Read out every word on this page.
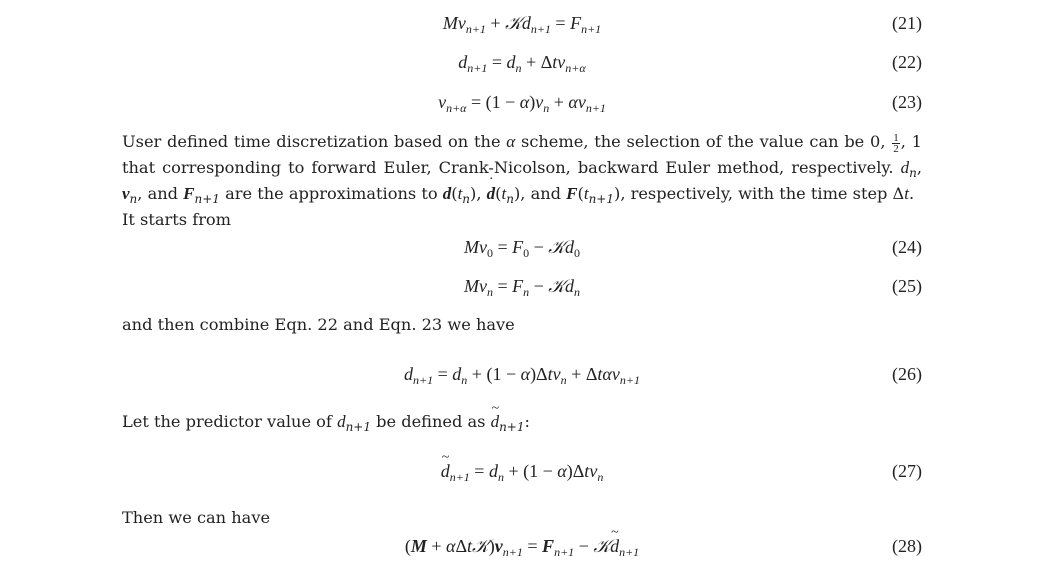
$Mv_{n+1}$ + 𝒦d$_{n+1}$ = $F_{n+1}$	(21)
$d_{n+1} = d_n + \Delta tv_{n+\alpha}$	(22)
$v_{n+\alpha} = (1 - \alpha)v_n + \alpha v_{n+1}$	(23)
User defined time discretization based on the α scheme, the selection of the value can be 0, $\frac{1}{2}$ , 1 that corresponding to forward Euler, Crank-Nicolson, backward Euler method, respectively. $d_n$, $v_n$, and $F_{n+1}$ are the approximations to $d(t_n)$, ˙ $d(t_n)$, and $F(t_{n+1})$, respectively, with the time step Δt.
It starts from
$Mv_0 = F_0$ − 𝒦d$_0$	(24)
$Mv_n = F_n$ − 𝒦d$_n$	(25)
and then combine Eqn. 22 and Eqn. 23 we have
$d_{n+1} = d_n + (1 - \alpha)\Delta tv_n + \Delta t\alpha v_{n+1}$	(26)
Let the predictor value of $d_{n+1}$ be defined as ~ $d_{n+1}$:
~ $d_{n+1} = d_n + (1 - \alpha)\Delta tv_n$	(27)
Then we can have
$(M + \alpha\Delta t𝒦)v_{n+1} = F_{n+1}$ − 𝒦~ $d_{n+1}$	(28)
